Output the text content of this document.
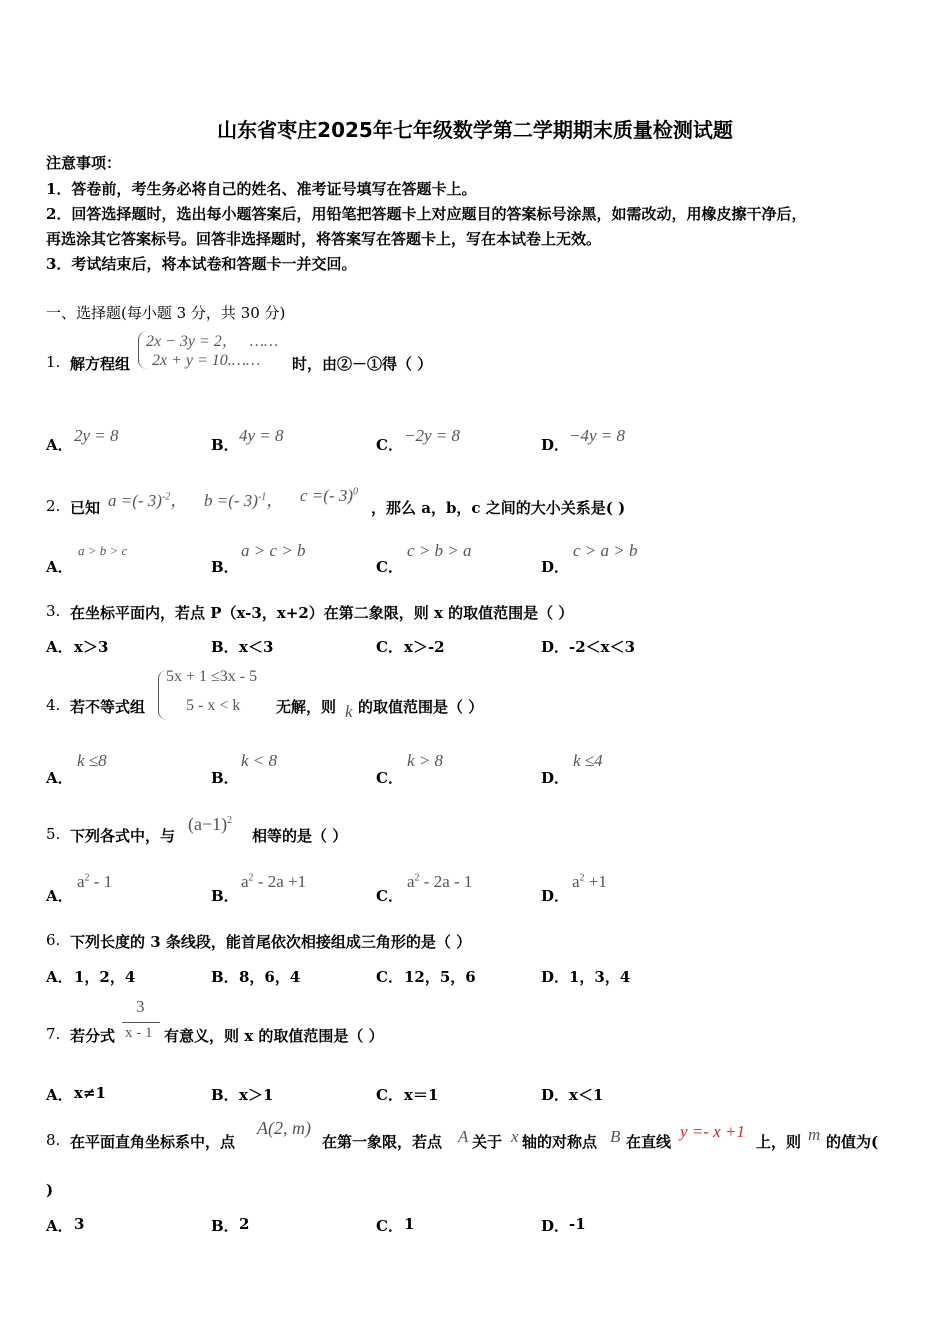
山东省枣庄2025年七年级数学第二学期期末质量检测试题
注意事项：
1．答卷前，考生务必将自己的姓名、准考证号填写在答题卡上。
2．回答选择题时，选出每小题答案后，用铅笔把答题卡上对应题目的答案标号涂黑，如需改动，用橡皮擦干净后，
再选涂其它答案标号。回答非选择题时，将答案写在答题卡上，写在本试卷上无效。
3．考试结束后，将本试卷和答题卡一并交回。
一、选择题(每小题 3 分，共 30 分)
1. 解方程组
2x − 3y = 2， ……
2x + y = 10.…… 时，由②－①得（ ）
A． 2y = 8	B． 4y = 8	C． −2y = 8	D． −4y = 8
2. 已知 a =(- 3)$^{-2}$， b =(- 3)$^{-1}$， c =(- 3)$^0$
，那么 a，b，c 之间的大小关系是( )
A．
a > b > c
B．
a > c > b
C．
c > b > a
D．
c > a > b
3. 在坐标平面内，若点 P（x-3，x+2）在第二象限，则 x 的取值范围是（ ）
A． x＞3	B． x＜3	C． x＞-2	D． -2＜x＜3
4. 若不等式组
5x + 1 ≤3x - 5
5 - x < k 无解，则 k 的取值范围是（ ）
A．
k ≤8
B．
k < 8
C．
k > 8
D．
k ≤4
5. 下列各式中，与
$(a-1)^2$
相等的是（ ）
A．
$a^2 - 1$
B．
$a^2 - 2a +1$
C．
$a^2 - 2a - 1$
D．
$a^2 +1$
6. 下列长度的 3 条线段，能首尾依次相接组成三角形的是（ ）
A． 1，2，4	B． 8，6，4	C． 12，5，6	D． 1，3，4
7. 若分式
3
x - 1 有意义，则 x 的取值范围是（ ）
A． x≠1	B． x＞1	C． x＝1	D． x＜1
8. 在平面直角坐标系中，点
A(2, m)
在第一象限，若点 A 关于 x 轴的对称点 B 在直线
y =- x +1
上，则 m 的值为(
)
A． 3	B． 2	C． 1	D． -1
